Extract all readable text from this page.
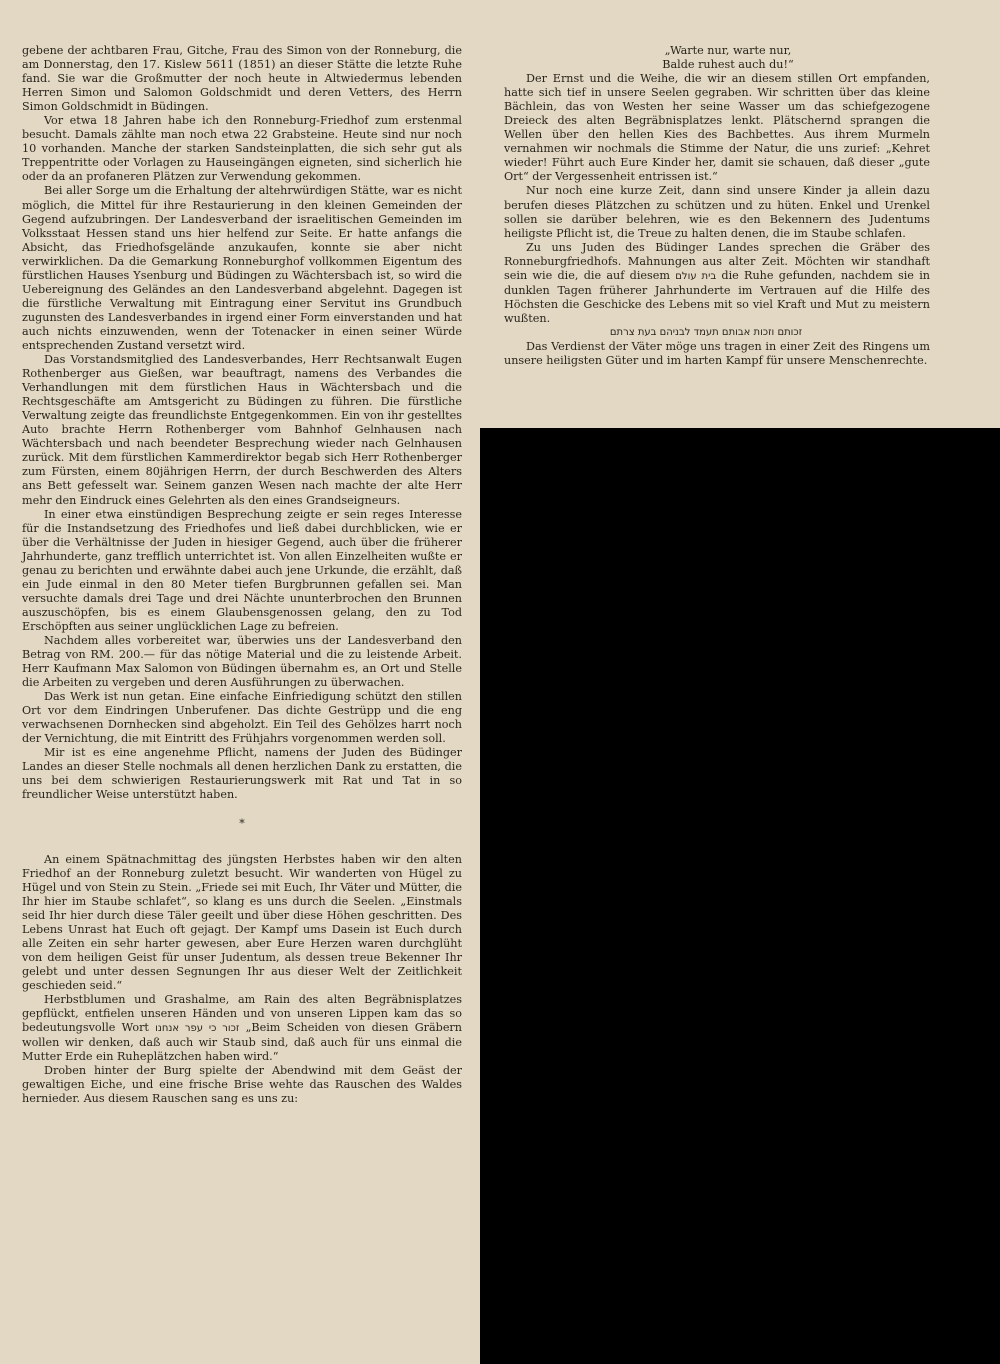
gebene der achtbaren Frau, Gitche, Frau des Simon von der Ronneburg, die am Donnerstag, den 17. Kislew 5611 (1851) an dieser Stätte die letzte Ruhe fand. Sie war die Großmutter der noch heute in Altwiedermus lebenden Herren Simon und Salomon Goldschmidt und deren Vetters, des Herrn Simon Goldschmidt in Büdingen.

Vor etwa 18 Jahren habe ich den Ronneburg-Friedhof zum erstenmal besucht. Damals zählte man noch etwa 22 Grabsteine. Heute sind nur noch 10 vorhanden. Manche der starken Sandsteinplatten, die sich sehr gut als Treppentritte oder Vorlagen zu Hauseingängen eigneten, sind sicherlich hie oder da an profaneren Plätzen zur Verwendung gekommen.

Bei aller Sorge um die Erhaltung der altehrwürdigen Stätte, war es nicht möglich, die Mittel für ihre Restaurierung in den kleinen Gemeinden der Gegend aufzubringen. Der Landesverband der israelitischen Gemeinden im Volksstaat Hessen stand uns hier helfend zur Seite. Er hatte anfangs die Absicht, das Friedhofsgelände anzukaufen, konnte sie aber nicht verwirklichen. Da die Gemarkung Ronneburghof vollkommen Eigentum des fürstlichen Hauses Ysenburg und Büdingen zu Wächtersbach ist, so wird die Uebereignung des Geländes an den Landesverband abgelehnt. Dagegen ist die fürstliche Verwaltung mit Eintragung einer Servitut ins Grundbuch zugunsten des Landesverbandes in irgend einer Form einverstanden und hat auch nichts einzuwenden, wenn der Totenacker in einen seiner Würde entsprechenden Zustand versetzt wird.

Das Vorstandsmitglied des Landesverbandes, Herr Rechtsanwalt Eugen Rothenberger aus Gießen, war beauftragt, namens des Verbandes die Verhandlungen mit dem fürstlichen Haus in Wächtersbach und die Rechtsgeschäfte am Amtsgericht zu Büdingen zu führen. Die fürstliche Verwaltung zeigte das freundlichste Entgegenkommen. Ein von ihr gestelltes Auto brachte Herrn Rothenberger vom Bahnhof Gelnhausen nach Wächtersbach und nach beendeter Besprechung wieder nach Gelnhausen zurück. Mit dem fürstlichen Kammerdirektor begab sich Herr Rothenberger zum Fürsten, einem 80jährigen Herrn, der durch Beschwerden des Alters ans Bett gefesselt war. Seinem ganzen Wesen nach machte der alte Herr mehr den Eindruck eines Gelehrten als den eines Grandseigneurs.

In einer etwa einstündigen Besprechung zeigte er sein reges Interesse für die Instandsetzung des Friedhofes und ließ dabei durchblicken, wie er über die Verhältnisse der Juden in hiesiger Gegend, auch über die früherer Jahrhunderte, ganz trefflich unterrichtet ist. Von allen Einzelheiten wußte er genau zu berichten und erwähnte dabei auch jene Urkunde, die erzählt, daß ein Jude einmal in den 80 Meter tiefen Burgbrunnen gefallen sei. Man versuchte damals drei Tage und drei Nächte ununterbrochen den Brunnen auszuschöpfen, bis es einem Glaubensgenossen gelang, den zu Tod Erschöpften aus seiner unglücklichen Lage zu befreien.

Nachdem alles vorbereitet war, überwies uns der Landesverband den Betrag von RM. 200.— für das nötige Material und die zu leistende Arbeit. Herr Kaufmann Max Salomon von Büdingen übernahm es, an Ort und Stelle die Arbeiten zu vergeben und deren Ausführungen zu überwachen.

Das Werk ist nun getan. Eine einfache Einfriedigung schützt den stillen Ort vor dem Eindringen Unberufener. Das dichte Gestrüpp und die eng verwachsenen Dornhecken sind abgeholzt. Ein Teil des Gehölzes harrt noch der Vernichtung, die mit Eintritt des Frühjahrs vorgenommen werden soll.

Mir ist es eine angenehme Pflicht, namens der Juden des Büdinger Landes an dieser Stelle nochmals all denen herzlichen Dank zu erstatten, die uns bei dem schwierigen Restaurierungswerk mit Rat und Tat in so freundlicher Weise unterstützt haben.

*

An einem Spätnachmittag des jüngsten Herbstes haben wir den alten Friedhof an der Ronneburg zuletzt besucht. Wir wanderten von Hügel zu Hügel und von Stein zu Stein. „Friede sei mit Euch, Ihr Väter und Mütter, die Ihr hier im Staube schlafet“, so klang es uns durch die Seelen. „Einstmals seid Ihr hier durch diese Täler geeilt und über diese Höhen geschritten. Des Lebens Unrast hat Euch oft gejagt. Der Kampf ums Dasein ist Euch durch alle Zeiten ein sehr harter gewesen, aber Eure Herzen waren durchglüht von dem heiligen Geist für unser Judentum, als dessen treue Bekenner Ihr gelebt und unter dessen Segnungen Ihr aus dieser Welt der Zeitlichkeit geschieden seid.“

Herbstblumen und Grashalme, am Rain des alten Begräbnisplatzes gepflückt, entfielen unseren Händen und von unseren Lippen kam das so bedeutungsvolle Wort זכור כי עפר אנחנו „Beim Scheiden von diesen Gräbern wollen wir denken, daß auch wir Staub sind, daß auch für uns einmal die Mutter Erde ein Ruheplätzchen haben wird.“

Droben hinter der Burg spielte der Abendwind mit dem Geäst der gewaltigen Eiche, und eine frische Brise wehte das Rauschen des Waldes hernieder. Aus diesem Rauschen sang es uns zu:

„Warte nur, warte nur,

Balde ruhest auch du!“

Der Ernst und die Weihe, die wir an diesem stillen Ort empfanden, hatte sich tief in unsere Seelen gegraben. Wir schritten über das kleine Bächlein, das von Westen her seine Wasser um das schiefgezogene Dreieck des alten Begräbnisplatzes lenkt. Plätschernd sprangen die Wellen über den hellen Kies des Bachbettes. Aus ihrem Murmeln vernahmen wir nochmals die Stimme der Natur, die uns zurief: „Kehret wieder! Führt auch Eure Kinder her, damit sie schauen, daß dieser „gute Ort“ der Vergessenheit entrissen ist.“

Nur noch eine kurze Zeit, dann sind unsere Kinder ja allein dazu berufen dieses Plätzchen zu schützen und zu hüten. Enkel und Urenkel sollen sie darüber belehren, wie es den Bekennern des Judentums heiligste Pflicht ist, die Treue zu halten denen, die im Staube schlafen.

Zu uns Juden des Büdinger Landes sprechen die Gräber des Ronneburgfriedhofs. Mahnungen aus alter Zeit. Möchten wir standhaft sein wie die, die auf diesem בית עולם die Ruhe gefunden, nachdem sie in dunklen Tagen früherer Jahrhunderte im Vertrauen auf die Hilfe des Höchsten die Geschicke des Lebens mit so viel Kraft und Mut zu meistern wußten.

זכותם וזכות אבותם תעמד לבניהם בעת צרתם

Das Verdienst der Väter möge uns tragen in einer Zeit des Ringens um unsere heiligsten Güter und im harten Kampf für unsere Menschenrechte.
